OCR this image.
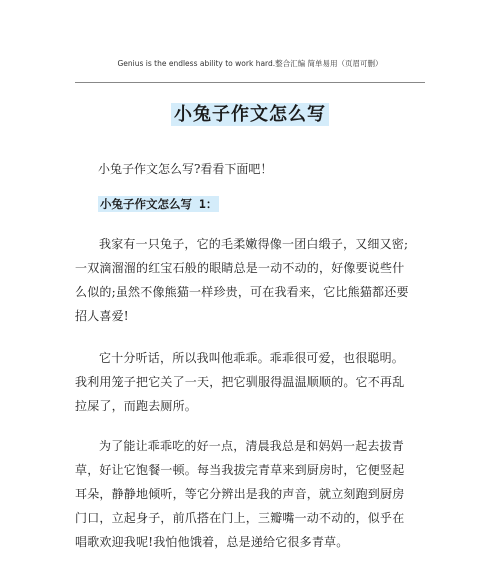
Genius is the endless ability to work hard.整合汇编 简单易用（页眉可删）
小兔子作文怎么写
小兔子作文怎么写?看看下面吧！
小兔子作文怎么写 1：
我家有一只兔子，它的毛柔嫩得像一团白缎子，又细又密;
一双滴溜溜的红宝石般的眼睛总是一动不动的，好像要说些什
么似的;虽然不像熊猫一样珍贵，可在我看来，它比熊猫都还要
招人喜爱!
它十分听话，所以我叫他乖乖。乖乖很可爱，也很聪明。
我利用笼子把它关了一天，把它驯服得温温顺顺的。它不再乱
拉屎了，而跑去厕所。
为了能让乖乖吃的好一点，清晨我总是和妈妈一起去拔青
草，好让它饱餐一顿。每当我拔完青草来到厨房时，它便竖起
耳朵，静静地倾听，等它分辨出是我的声音，就立刻跑到厨房
门口，立起身子，前爪搭在门上，三瓣嘴一动不动的，似乎在
唱歌欢迎我呢!我怕他饿着，总是递给它很多青草。
